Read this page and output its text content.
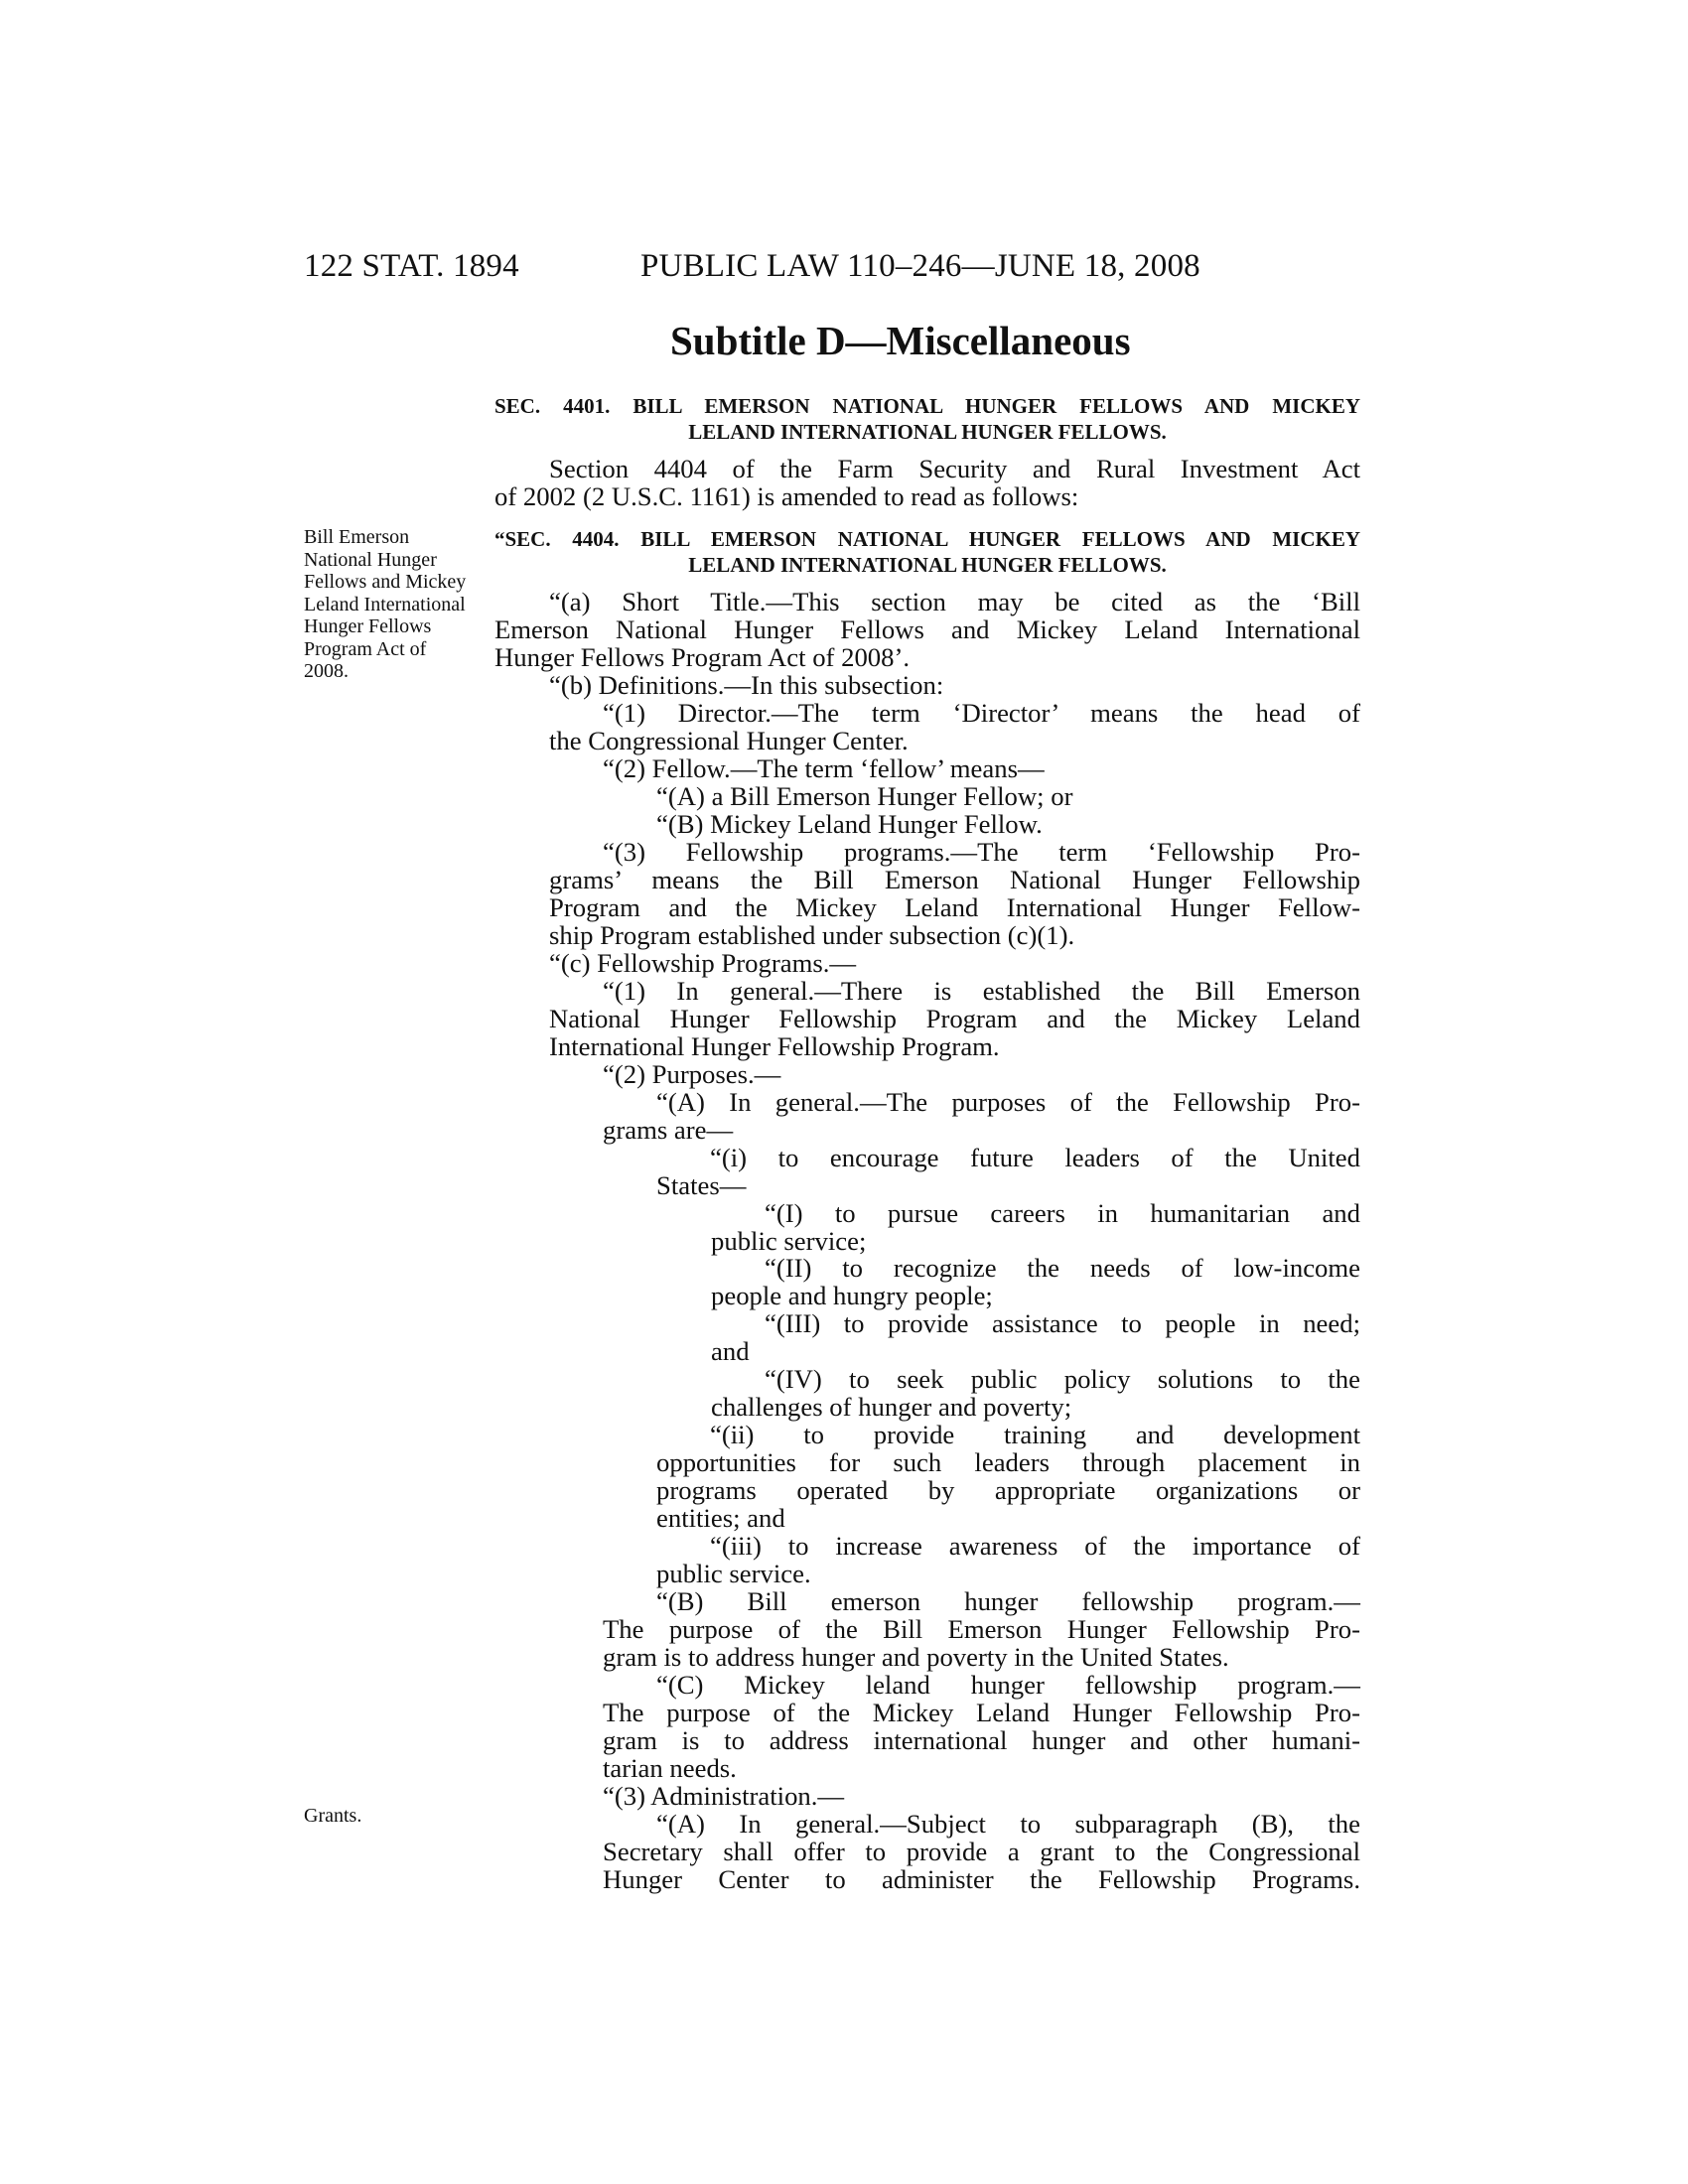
122 STAT. 1894	PUBLIC LAW 110–246—JUNE 18, 2008
Subtitle D—Miscellaneous
SEC. 4401. BILL EMERSON NATIONAL HUNGER FELLOWS AND MICKEY
LELAND INTERNATIONAL HUNGER FELLOWS.
Bill Emerson National Hunger Fellows and Mickey Leland International Hunger Fellows Program Act of 2008.
Grants.
“SEC. 4404. BILL EMERSON NATIONAL HUNGER FELLOWS AND MICKEY
LELAND INTERNATIONAL HUNGER FELLOWS.
Section 4404 of the Farm Security and Rural Investment Act
of 2002 (2 U.S.C. 1161) is amended to read as follows:
“(a) Short Title.—This section may be cited as the ‘Bill
Emerson National Hunger Fellows and Mickey Leland International
Hunger Fellows Program Act of 2008’.
“(b) Definitions.—In this subsection:
“(1) Director.—The term ‘Director’ means the head of
the Congressional Hunger Center.
“(2) Fellow.—The term ‘fellow’ means—
“(A) a Bill Emerson Hunger Fellow; or
“(B) Mickey Leland Hunger Fellow.
“(3) Fellowship programs.—The term ‘Fellowship Pro-
grams’ means the Bill Emerson National Hunger Fellowship
Program and the Mickey Leland International Hunger Fellow-
ship Program established under subsection (c)(1).
“(c) Fellowship Programs.—
“(1) In general.—There is established the Bill Emerson
National Hunger Fellowship Program and the Mickey Leland
International Hunger Fellowship Program.
“(2) Purposes.—
“(A) In general.—The purposes of the Fellowship Pro-
grams are—
“(i) to encourage future leaders of the United
States—
“(I) to pursue careers in humanitarian and
public service;
“(II) to recognize the needs of low-income
people and hungry people;
“(III) to provide assistance to people in need;
and
“(IV) to seek public policy solutions to the
challenges of hunger and poverty;
“(ii) to provide training and development
opportunities for such leaders through placement in
programs operated by appropriate organizations or
entities; and
“(iii) to increase awareness of the importance of
public service.
“(B) Bill emerson hunger fellowship program.—
The purpose of the Bill Emerson Hunger Fellowship Pro-
gram is to address hunger and poverty in the United States.
“(C) Mickey leland hunger fellowship program.—
The purpose of the Mickey Leland Hunger Fellowship Pro-
gram is to address international hunger and other humani-
tarian needs.
“(3) Administration.—
“(A) In general.—Subject to subparagraph (B), the
Secretary shall offer to provide a grant to the Congressional
Hunger Center to administer the Fellowship Programs.
